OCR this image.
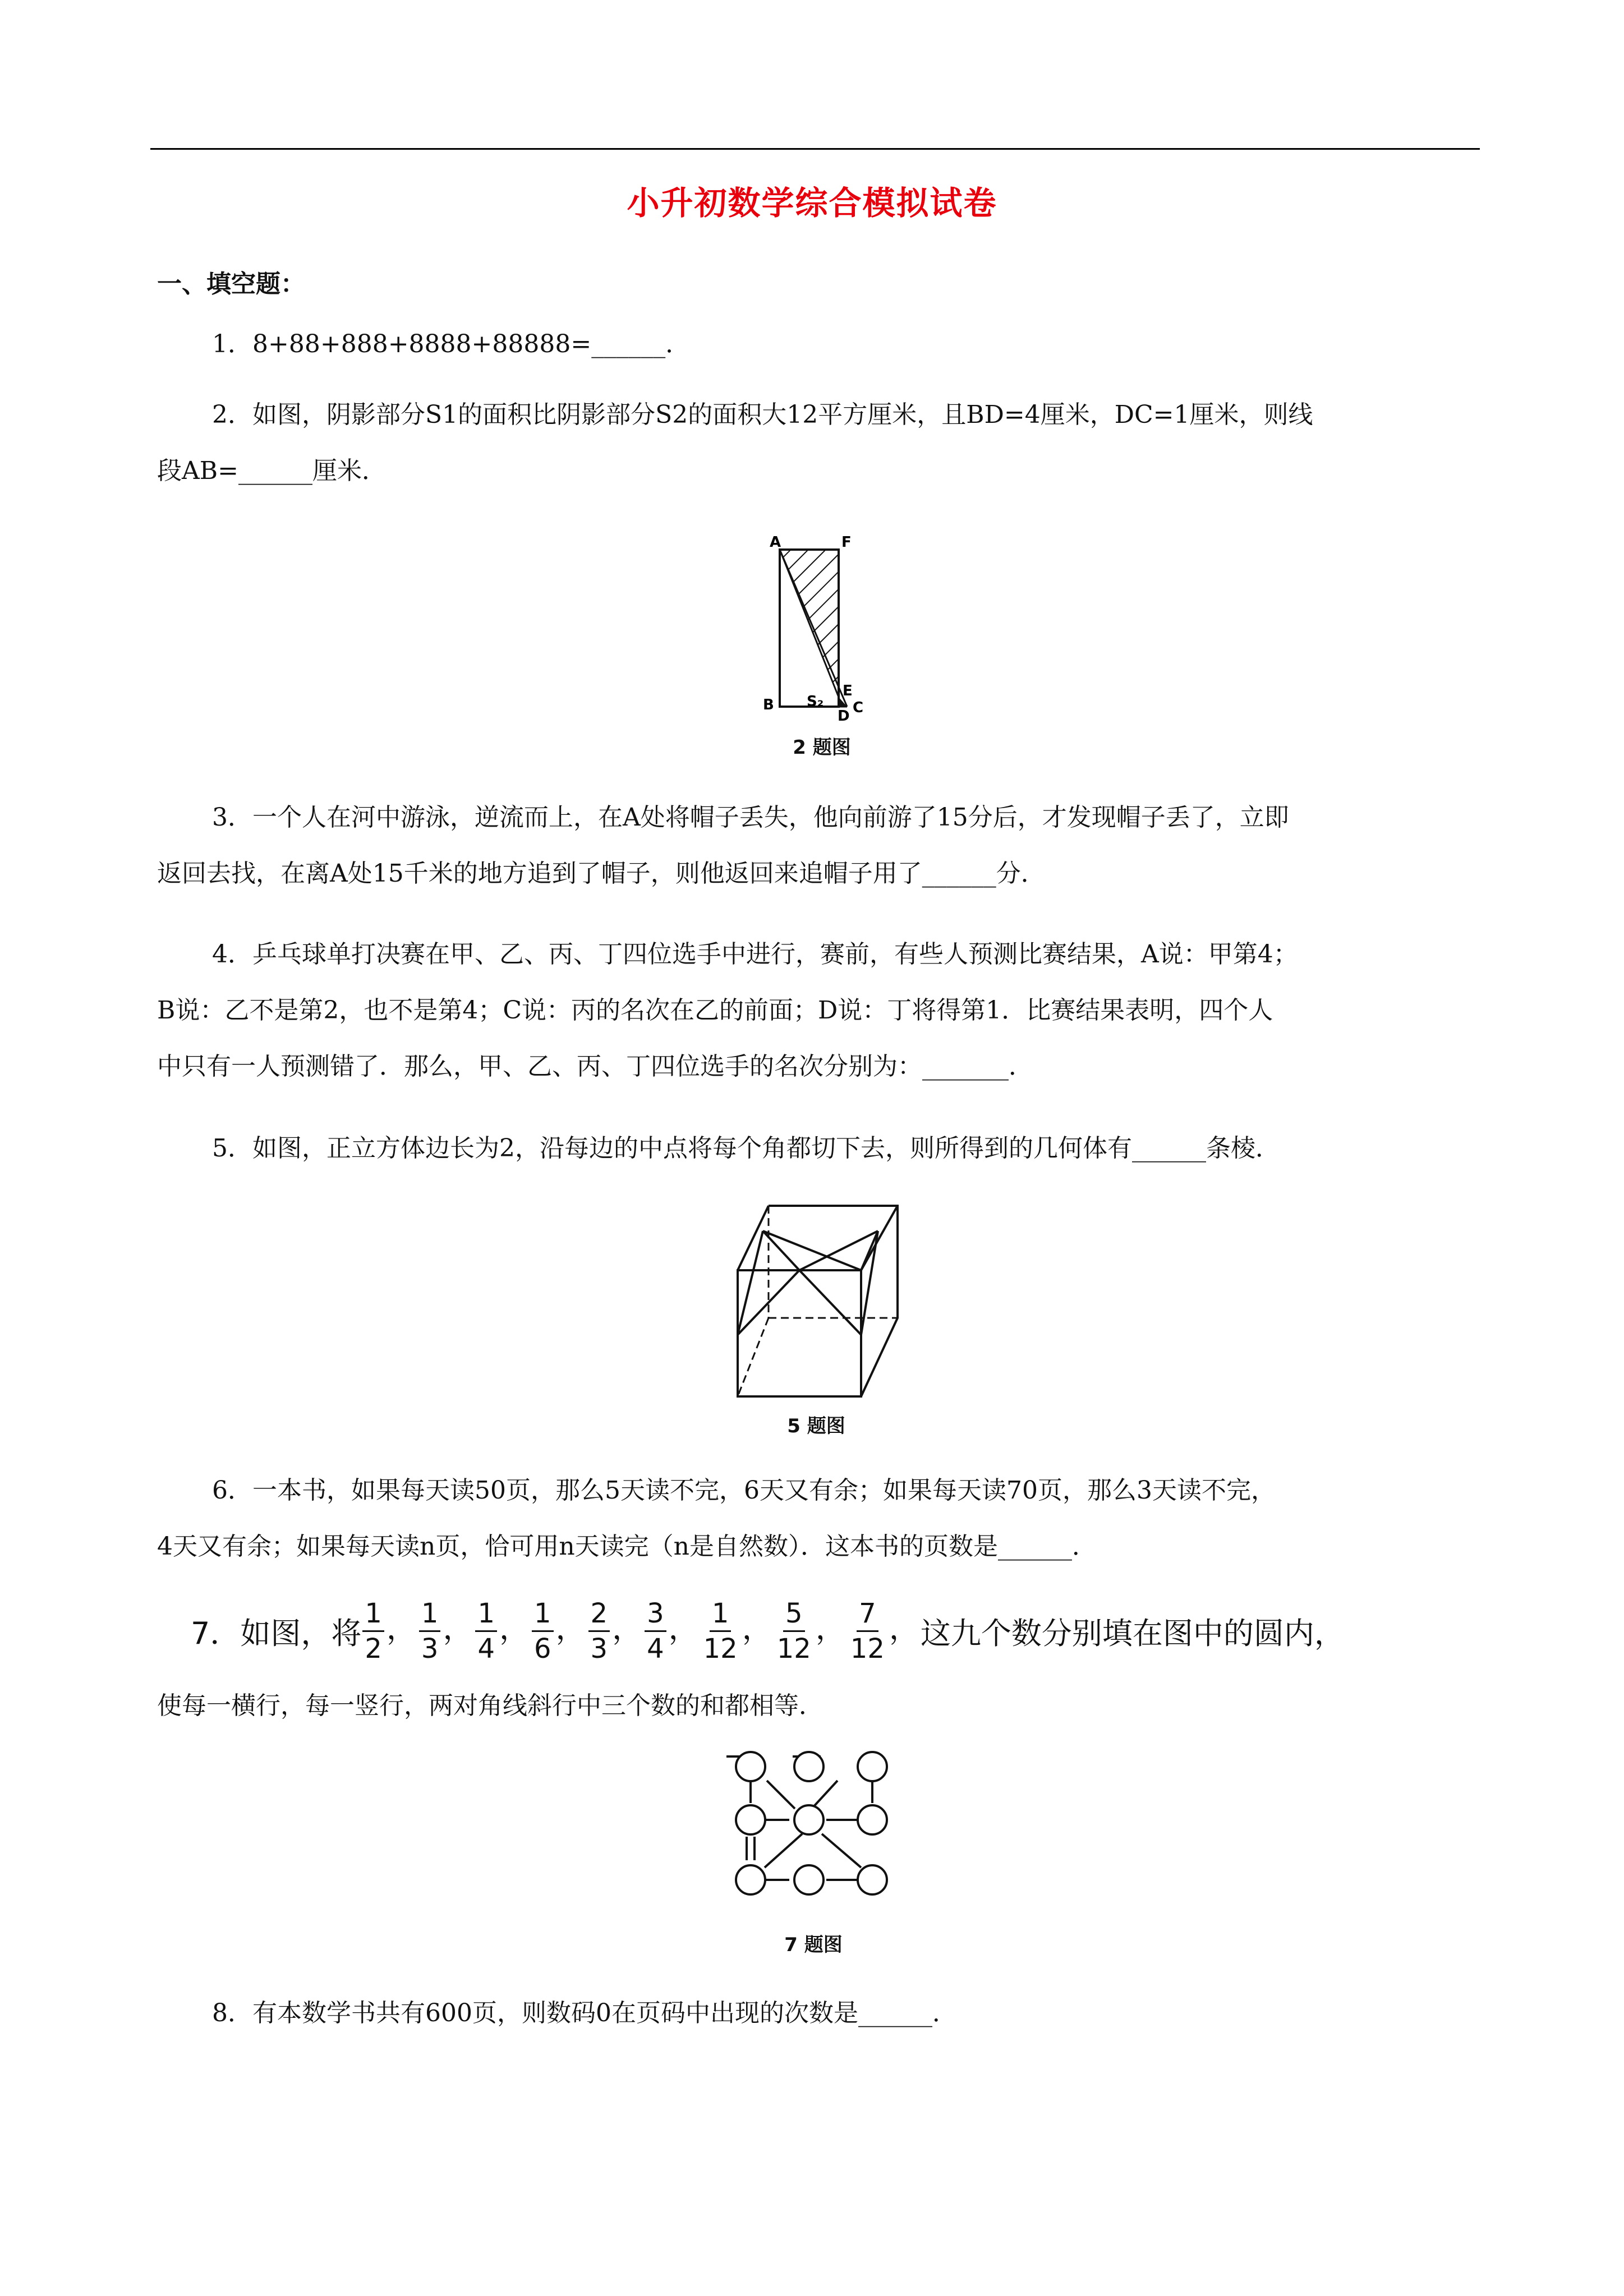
小升初数学综合模拟试卷
一、填空题：

1．8+88+888+8888+88888=______．

2．如图，阴影部分S1的面积比阴影部分S2的面积大12平方厘米，且BD=4厘米，DC=1厘米，则线

段AB=______厘米．

A	F
B
E
C
D
S₂
2 题图

3．一个人在河中游泳，逆流而上，在A处将帽子丢失，他向前游了15分后，才发现帽子丢了，立即

返回去找，在离A处15千米的地方追到了帽子，则他返回来追帽子用了______分．

4．乒乓球单打决赛在甲、乙、丙、丁四位选手中进行，赛前，有些人预测比赛结果，A说：甲第4；

B说：乙不是第2，也不是第4；C说：丙的名次在乙的前面；D说：丁将得第1．比赛结果表明，四个人

中只有一人预测错了．那么，甲、乙、丙、丁四位选手的名次分别为：_______．

5．如图，正立方体边长为2，沿每边的中点将每个角都切下去，则所得到的几何体有______条棱．

5 题图

6．一本书，如果每天读50页，那么5天读不完，6天又有余；如果每天读70页，那么3天读不完，

4天又有余；如果每天读n页，恰可用n天读完（n是自然数）．这本书的页数是______．

7．如图，将 $\frac{1}{2}$ ， $\frac{1}{3}$ ， $\frac{1}{4}$ ， $\frac{1}{6}$ ， $\frac{2}{3}$ ， $\frac{3}{4}$ ， $\frac{1}{12}$ ， $\frac{5}{12}$ ， $\frac{7}{12}$ ， 这九个数分别填在图中的圆内，

使每一横行，每一竖行，两对角线斜行中三个数的和都相等．

7 题图

8．有本数学书共有600页，则数码0在页码中出现的次数是______．
